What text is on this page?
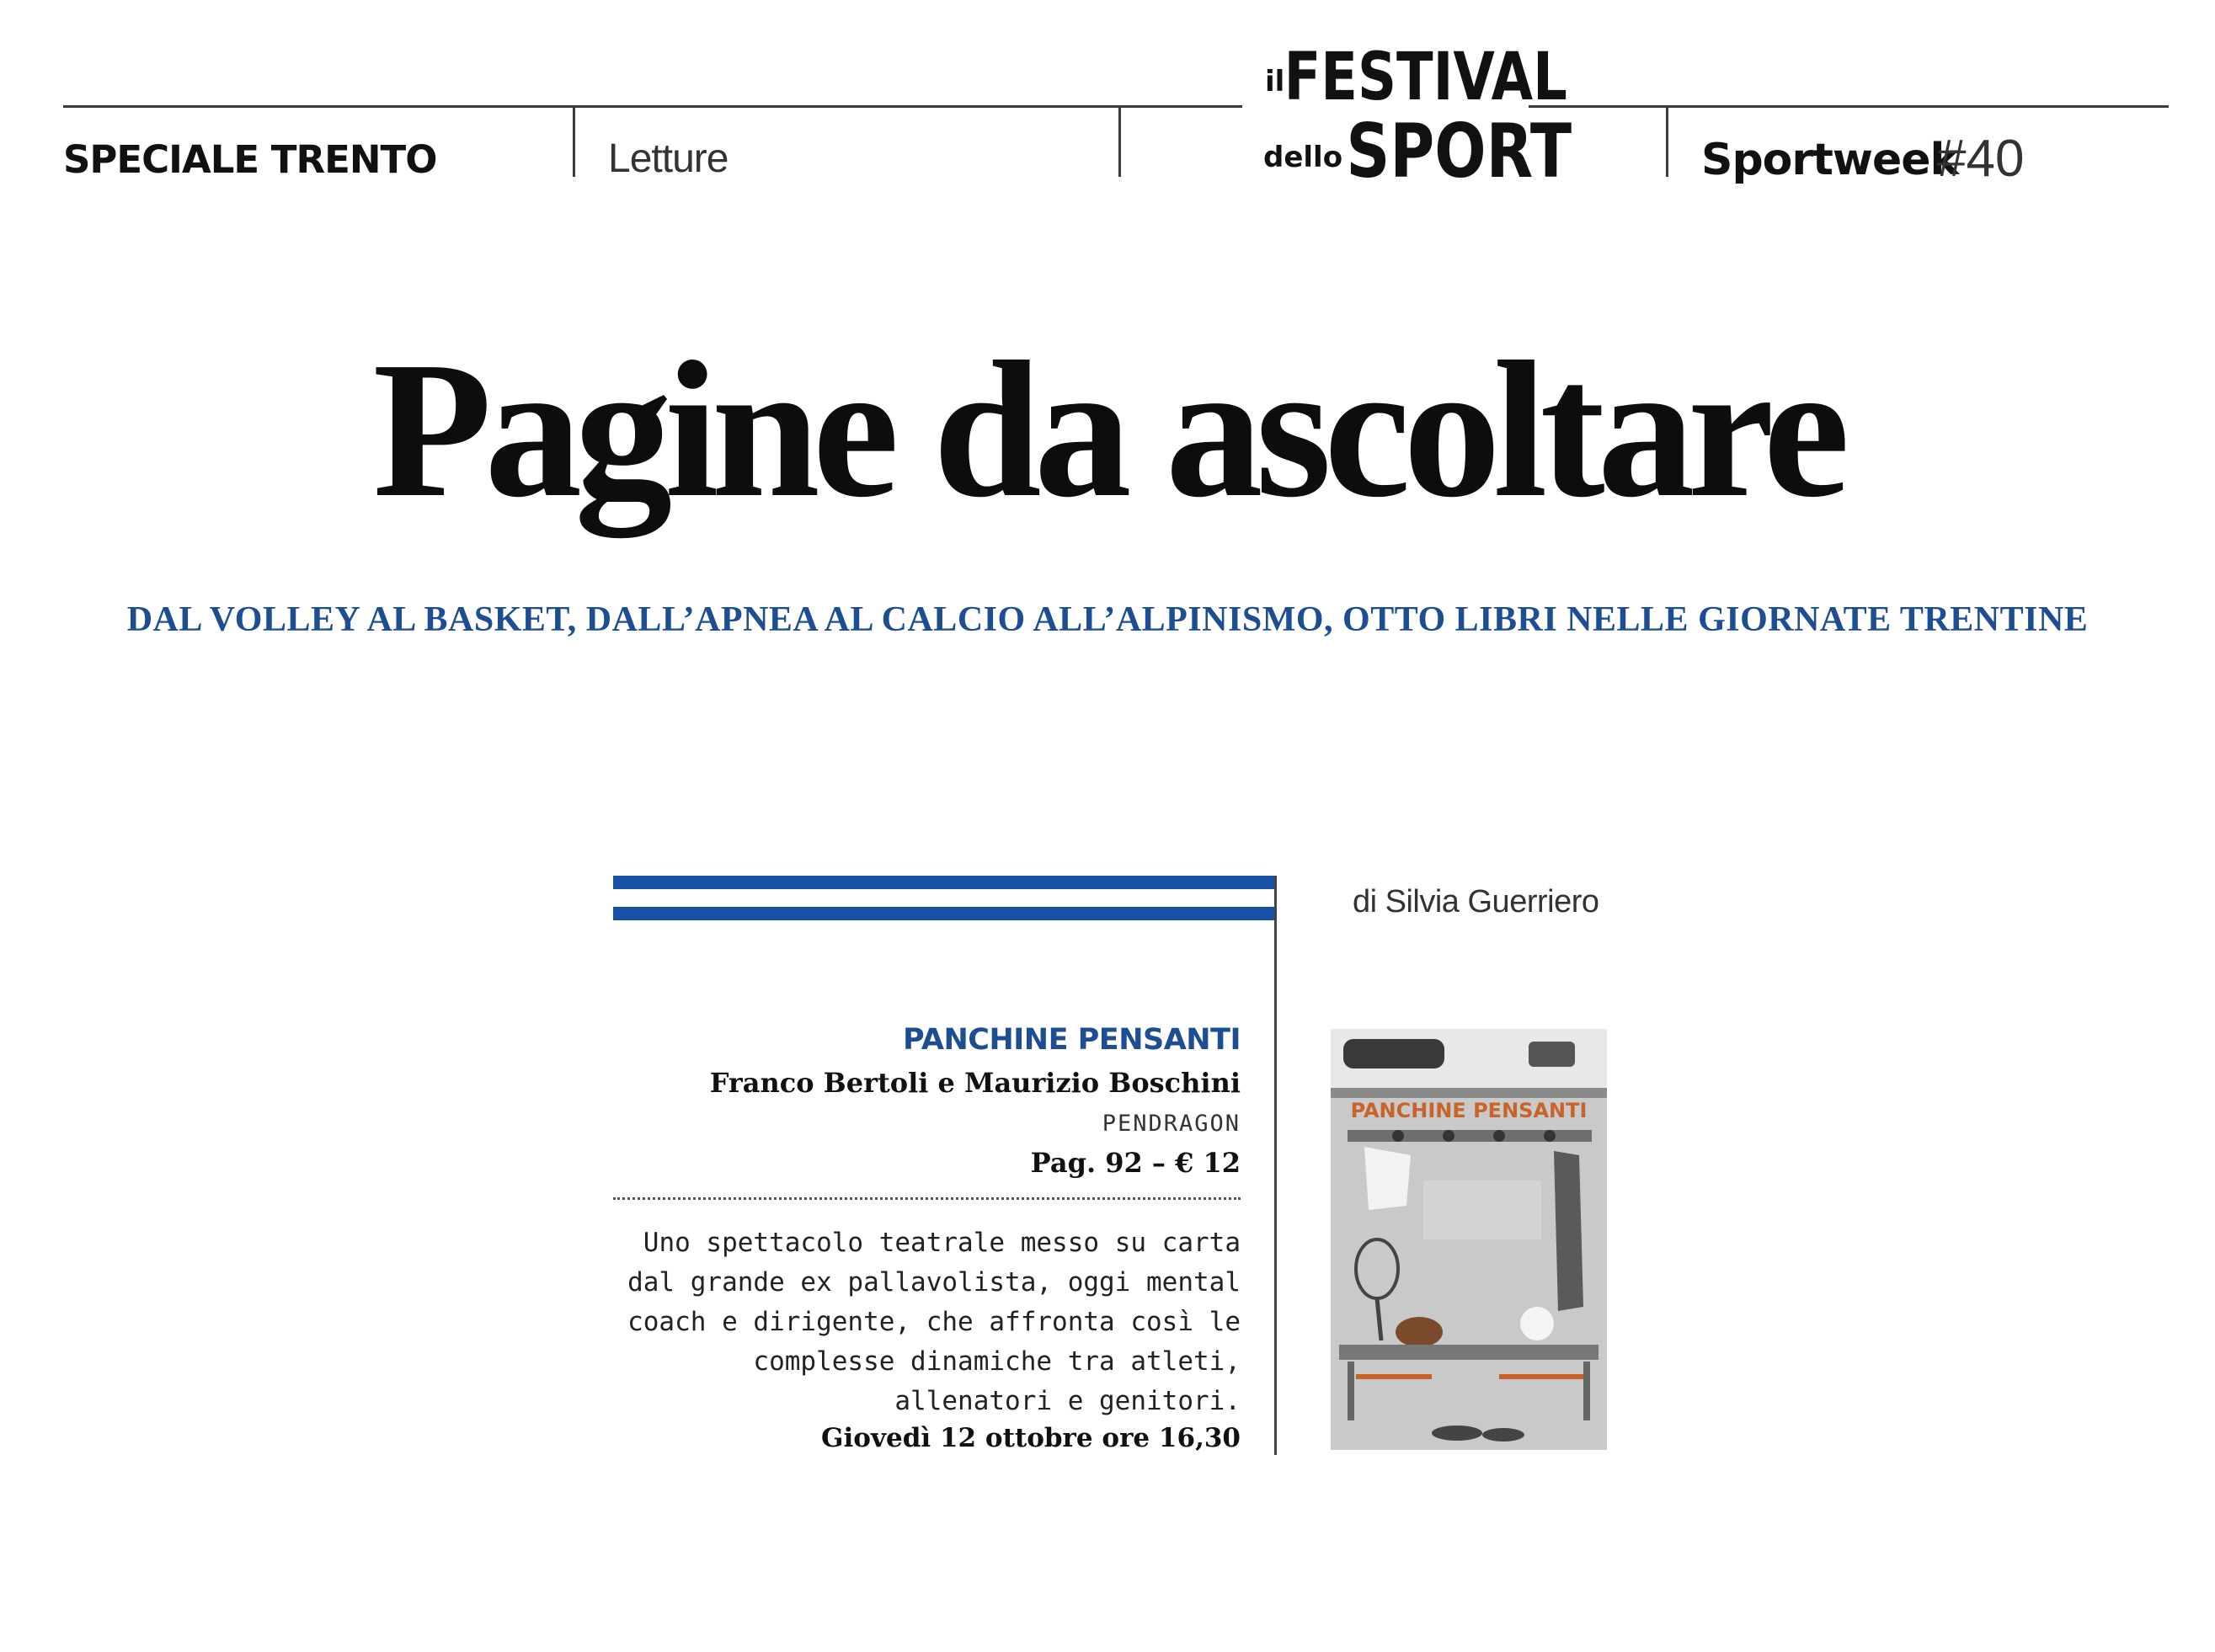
SPECIALE TRENTO	Letture	Sportweek
#40
il FESTIVAL
dello SPORT
Pagine da ascoltare
DAL VOLLEY AL BASKET, DALL’APNEA AL CALCIO ALL’ALPINISMO, OTTO LIBRI NELLE GIORNATE TRENTINE
di Silvia Guerriero
PANCHINE PENSANTI
Franco Bertoli e Maurizio Boschini
PENDRAGON
Pag. 92 – € 12
Uno spettacolo teatrale messo su carta
dal grande ex pallavolista, oggi mental
coach e dirigente, che affronta così le
complesse dinamiche tra atleti,
allenatori e genitori.
Giovedì 12 ottobre ore 16,30
PANCHINE PENSANTI
